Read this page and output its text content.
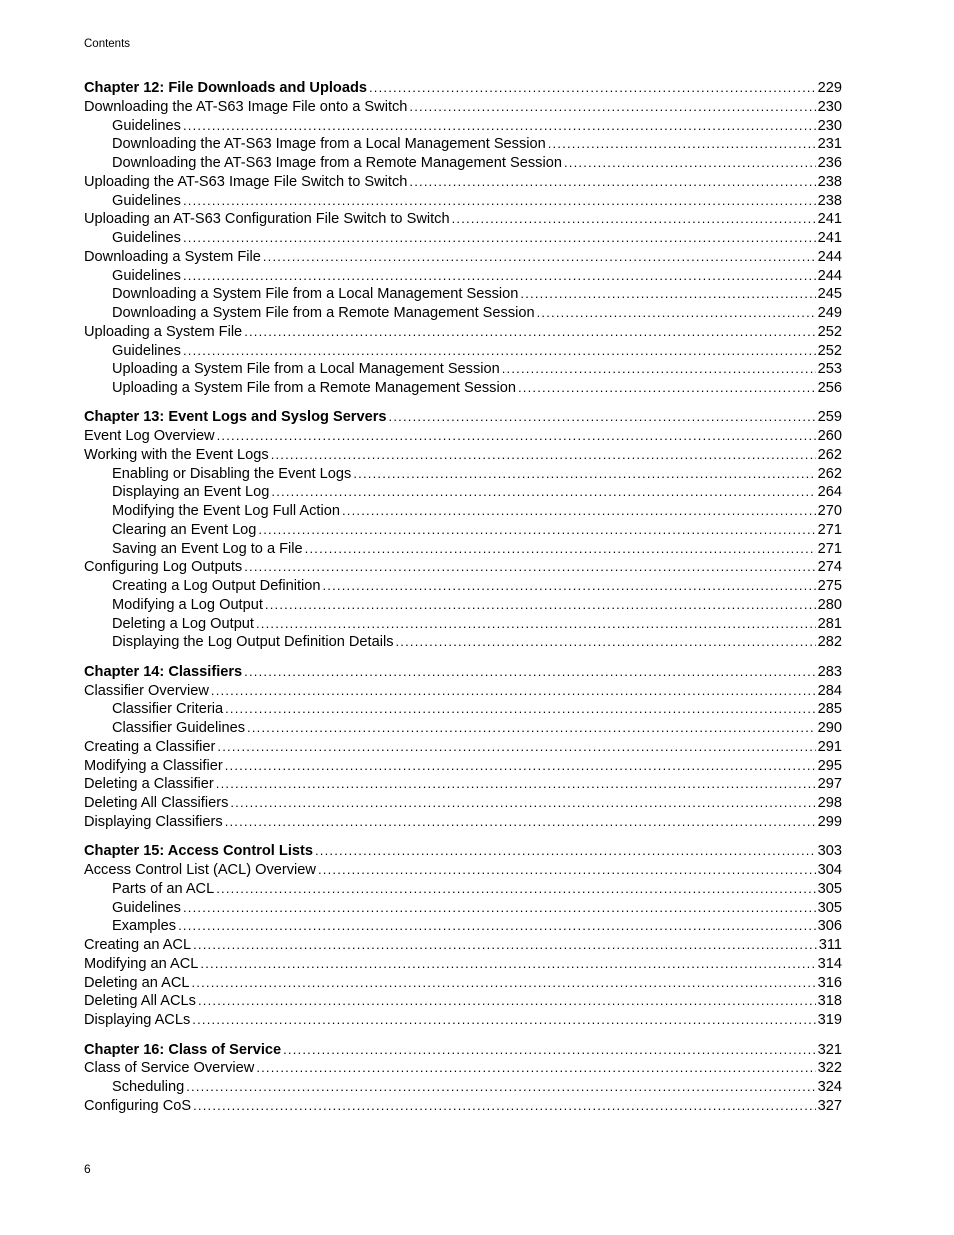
Contents
Chapter 12: File Downloads and Uploads .....	229
Downloading the AT-S63 Image File onto a Switch .....	230
Guidelines .....	230
Downloading the AT-S63 Image from a Local Management Session .....	231
Downloading the AT-S63 Image from a Remote Management Session .....	236
Uploading the AT-S63 Image File Switch to Switch .....	238
Guidelines .....	238
Uploading an AT-S63 Configuration File Switch to Switch .....	241
Guidelines .....	241
Downloading a System File .....	244
Guidelines .....	244
Downloading a System File from a Local Management Session .....	245
Downloading a System File from a Remote Management Session .....	249
Uploading a System File .....	252
Guidelines .....	252
Uploading a System File from a Local Management Session .....	253
Uploading a System File from a Remote Management Session .....	256
Chapter 13: Event Logs and Syslog Servers .....	259
Event Log Overview .....	260
Working with the Event Logs .....	262
Enabling or Disabling the Event Logs .....	262
Displaying an Event Log .....	264
Modifying the Event Log Full Action .....	270
Clearing an Event Log .....	271
Saving an Event Log to a File .....	271
Configuring Log Outputs .....	274
Creating a Log Output Definition .....	275
Modifying a Log Output .....	280
Deleting a Log Output .....	281
Displaying the Log Output Definition Details .....	282
Chapter 14: Classifiers .....	283
Classifier Overview .....	284
Classifier Criteria .....	285
Classifier Guidelines .....	290
Creating a Classifier .....	291
Modifying a Classifier .....	295
Deleting a Classifier .....	297
Deleting All Classifiers .....	298
Displaying Classifiers .....	299
Chapter 15: Access Control Lists .....	303
Access Control List (ACL) Overview .....	304
Parts of an ACL .....	305
Guidelines .....	305
Examples .....	306
Creating an ACL .....	311
Modifying an ACL .....	314
Deleting an ACL .....	316
Deleting All ACLs .....	318
Displaying ACLs .....	319
Chapter 16: Class of Service .....	321
Class of Service Overview .....	322
Scheduling .....	324
Configuring CoS .....	327
6
